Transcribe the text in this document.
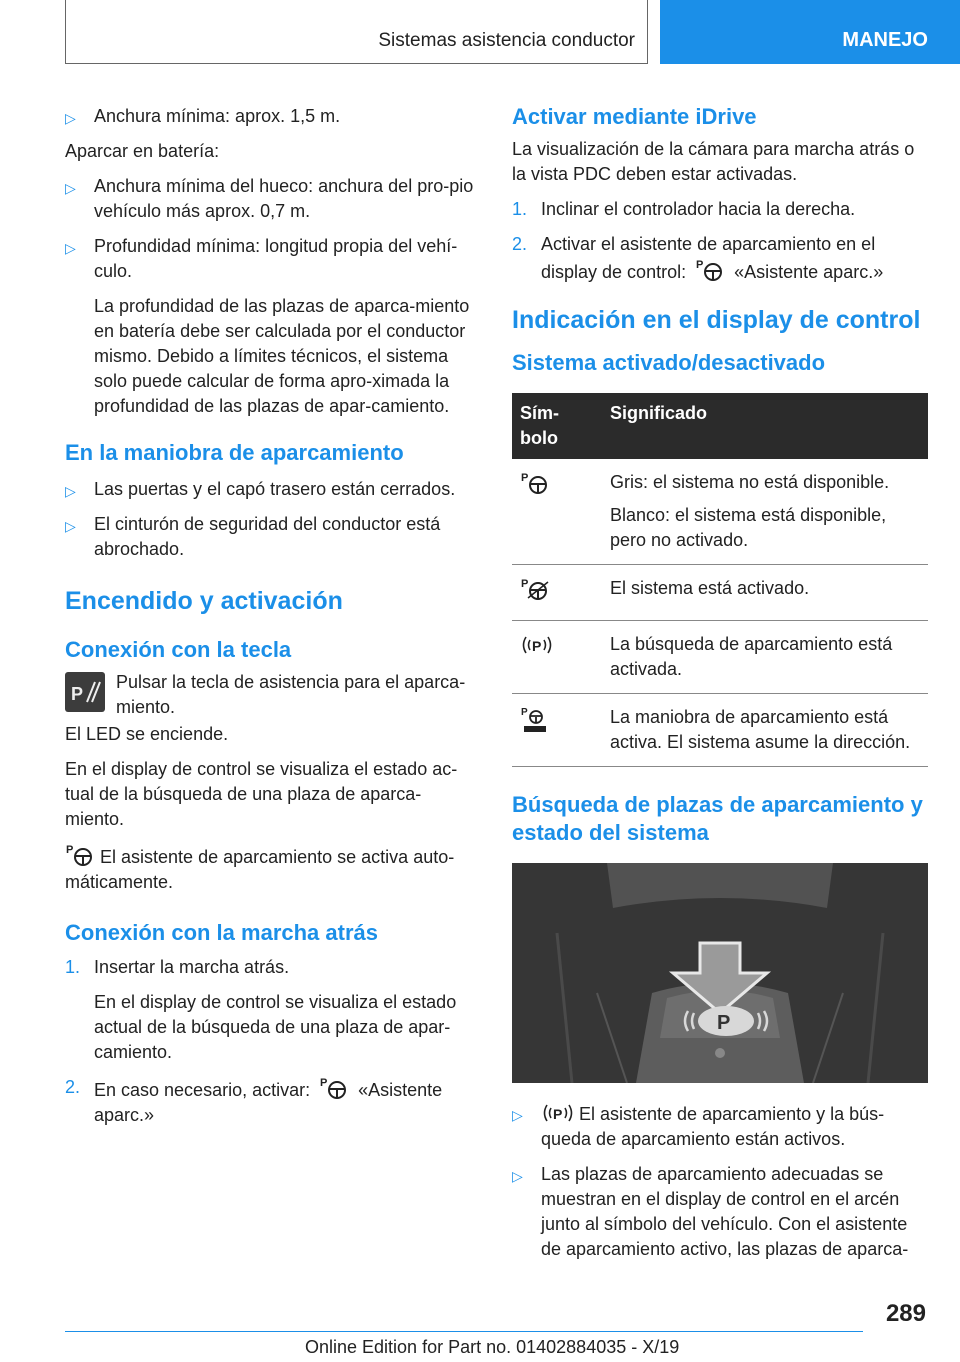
Sistemas asistencia conductor	MANEJO

▷ Anchura mínima: aprox. 1,5 m.

Aparcar en batería:

▷ Anchura mínima del hueco: anchura del pro-pio vehículo más aprox. 0,7 m.

▷ Profundidad mínima: longitud propia del vehí-culo.

La profundidad de las plazas de aparca-miento en batería debe ser calculada por el conductor mismo. Debido a límites técnicos, el sistema solo puede calcular de forma apro-ximada la profundidad de las plazas de apar-camiento.

En la maniobra de aparcamiento

▷ Las puertas y el capó trasero están cerrados.

▷ El cinturón de seguridad del conductor está abrochado.

Encendido y activación
Conexión con la tecla
P

Pulsar la tecla de asistencia para el aparca-miento.

El LED se enciende.

En el display de control se visualiza el estado ac-tual de la búsqueda de una plaza de aparca-miento.

P El asistente de aparcamiento se activa auto-máticamente.

Conexión con la marcha atrás
1. Insertar la marcha atrás.

En el display de control se visualiza el estado actual de la búsqueda de una plaza de apar-camiento.

2. En caso necesario, activar: P «Asistente aparc.»

Activar mediante iDrive

La visualización de la cámara para marcha atrás o la vista PDC deben estar activadas.

1. Inclinar el controlador hacia la derecha.

2. Activar el asistente de aparcamiento en el display de control: P «Asistente aparc.»

Indicación en el display de control
Sistema activado/desactivado
Sím-bolo	Significado

P	Gris: el sistema no está disponible.

Blanco: el sistema está disponible, pero no activado.

P	El sistema está activado.

P	La búsqueda de aparcamiento está activada.

P	La maniobra de aparcamiento está activa. El sistema asume la dirección.
Búsqueda de plazas de aparcamiento y estado del sistema
P
▷ P El asistente de aparcamiento y la bús-queda de aparcamiento están activos.

▷ Las plazas de aparcamiento adecuadas se muestran en el display de control en el arcén junto al símbolo del vehículo. Con el asistente de aparcamiento activo, las plazas de aparca-

289
Online Edition for Part no. 01402884035 - X/19
